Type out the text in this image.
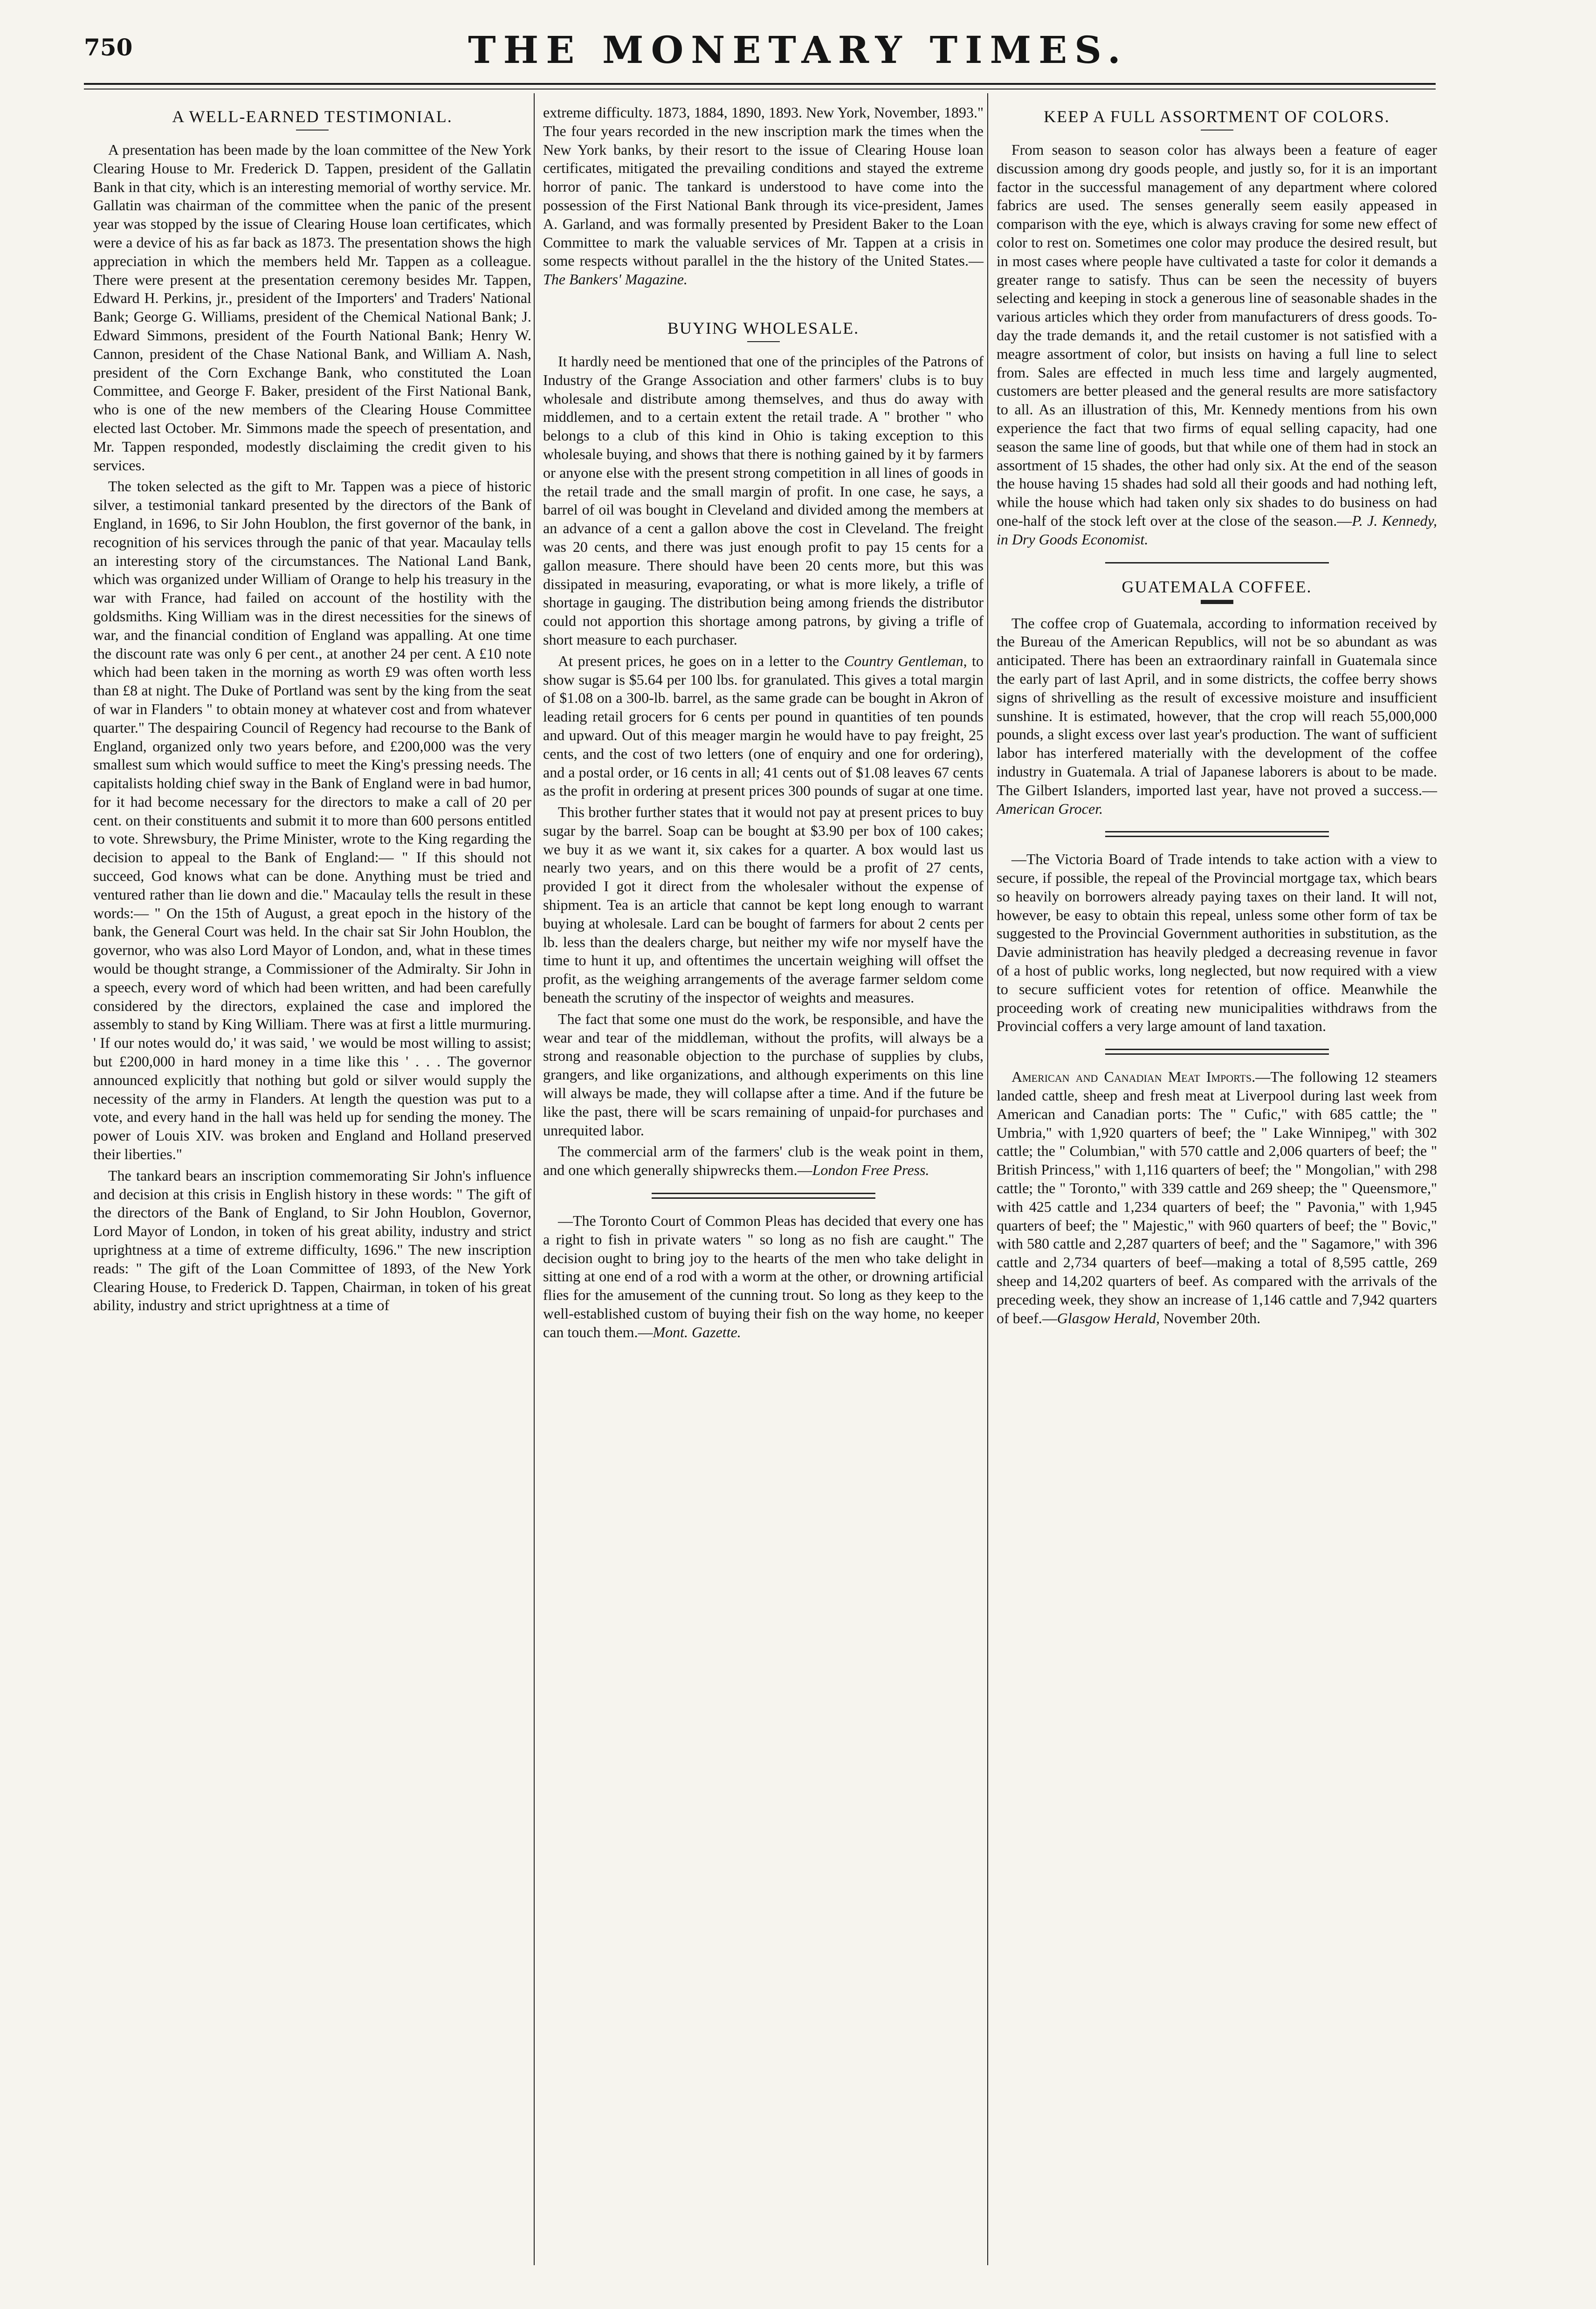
750	THE MONETARY TIMES.
A WELL-EARNED TESTIMONIAL.

A presentation has been made by the loan committee of the New York Clearing House to Mr. Frederick D. Tappen, president of the Gallatin Bank in that city, which is an interesting memorial of worthy service. Mr. Gallatin was chairman of the committee when the panic of the present year was stopped by the issue of Clearing House loan certificates, which were a device of his as far back as 1873. The presentation shows the high appreciation in which the members held Mr. Tappen as a colleague. There were present at the presentation ceremony besides Mr. Tappen, Edward H. Perkins, jr., president of the Importers' and Traders' National Bank; George G. Williams, president of the Chemical National Bank; J. Edward Simmons, president of the Fourth National Bank; Henry W. Cannon, president of the Chase National Bank, and William A. Nash, president of the Corn Exchange Bank, who constituted the Loan Committee, and George F. Baker, president of the First National Bank, who is one of the new members of the Clearing House Committee elected last October. Mr. Simmons made the speech of presentation, and Mr. Tappen responded, modestly disclaiming the credit given to his services.

The token selected as the gift to Mr. Tappen was a piece of historic silver, a testimonial tankard presented by the directors of the Bank of England, in 1696, to Sir John Houblon, the first governor of the bank, in recognition of his services through the panic of that year. Macaulay tells an interesting story of the circumstances. The National Land Bank, which was organized under William of Orange to help his treasury in the war with France, had failed on account of the hostility with the goldsmiths. King William was in the direst necessities for the sinews of war, and the financial condition of England was appalling. At one time the discount rate was only 6 per cent., at another 24 per cent. A £10 note which had been taken in the morning as worth £9 was often worth less than £8 at night. The Duke of Portland was sent by the king from the seat of war in Flanders " to obtain money at whatever cost and from whatever quarter." The despairing Council of Regency had recourse to the Bank of England, organized only two years before, and £200,000 was the very smallest sum which would suffice to meet the King's pressing needs. The capitalists holding chief sway in the Bank of England were in bad humor, for it had become necessary for the directors to make a call of 20 per cent. on their constituents and submit it to more than 600 persons entitled to vote. Shrewsbury, the Prime Minister, wrote to the King regarding the decision to appeal to the Bank of England:— " If this should not succeed, God knows what can be done. Anything must be tried and ventured rather than lie down and die." Macaulay tells the result in these words:— " On the 15th of August, a great epoch in the history of the bank, the General Court was held. In the chair sat Sir John Houblon, the governor, who was also Lord Mayor of London, and, what in these times would be thought strange, a Commissioner of the Admiralty. Sir John in a speech, every word of which had been written, and had been carefully considered by the directors, explained the case and implored the assembly to stand by King William. There was at first a little murmuring. ' If our notes would do,' it was said, ' we would be most willing to assist; but £200,000 in hard money in a time like this ' . . . The governor announced explicitly that nothing but gold or silver would supply the necessity of the army in Flanders. At length the question was put to a vote, and every hand in the hall was held up for sending the money. The power of Louis XIV. was broken and England and Holland preserved their liberties."

The tankard bears an inscription commemorating Sir John's influence and decision at this crisis in English history in these words: " The gift of the directors of the Bank of England, to Sir John Houblon, Governor, Lord Mayor of London, in token of his great ability, industry and strict uprightness at a time of extreme difficulty, 1696." The new inscription reads: " The gift of the Loan Committee of 1893, of the New York Clearing House, to Frederick D. Tappen, Chairman, in token of his great ability, industry and strict uprightness at a time of

extreme difficulty. 1873, 1884, 1890, 1893. New York, November, 1893." The four years recorded in the new inscription mark the times when the New York banks, by their resort to the issue of Clearing House loan certificates, mitigated the prevailing conditions and stayed the extreme horror of panic. The tankard is understood to have come into the possession of the First National Bank through its vice-president, James A. Garland, and was formally presented by President Baker to the Loan Committee to mark the valuable services of Mr. Tappen at a crisis in some respects without parallel in the the history of the United States.—The Bankers' Magazine.

BUYING WHOLESALE.

It hardly need be mentioned that one of the principles of the Patrons of Industry of the Grange Association and other farmers' clubs is to buy wholesale and distribute among themselves, and thus do away with middlemen, and to a certain extent the retail trade. A " brother " who belongs to a club of this kind in Ohio is taking exception to this wholesale buying, and shows that there is nothing gained by it by farmers or anyone else with the present strong competition in all lines of goods in the retail trade and the small margin of profit. In one case, he says, a barrel of oil was bought in Cleveland and divided among the members at an advance of a cent a gallon above the cost in Cleveland. The freight was 20 cents, and there was just enough profit to pay 15 cents for a gallon measure. There should have been 20 cents more, but this was dissipated in measuring, evaporating, or what is more likely, a trifle of shortage in gauging. The distribution being among friends the distributor could not apportion this shortage among patrons, by giving a trifle of short measure to each purchaser.

At present prices, he goes on in a letter to the Country Gentleman, to show sugar is $5.64 per 100 lbs. for granulated. This gives a total margin of $1.08 on a 300-lb. barrel, as the same grade can be bought in Akron of leading retail grocers for 6 cents per pound in quantities of ten pounds and upward. Out of this meager margin he would have to pay freight, 25 cents, and the cost of two letters (one of enquiry and one for ordering), and a postal order, or 16 cents in all; 41 cents out of $1.08 leaves 67 cents as the profit in ordering at present prices 300 pounds of sugar at one time.

This brother further states that it would not pay at present prices to buy sugar by the barrel. Soap can be bought at $3.90 per box of 100 cakes; we buy it as we want it, six cakes for a quarter. A box would last us nearly two years, and on this there would be a profit of 27 cents, provided I got it direct from the wholesaler without the expense of shipment. Tea is an article that cannot be kept long enough to warrant buying at wholesale. Lard can be bought of farmers for about 2 cents per lb. less than the dealers charge, but neither my wife nor myself have the time to hunt it up, and oftentimes the uncertain weighing will offset the profit, as the weighing arrangements of the average farmer seldom come beneath the scrutiny of the inspector of weights and measures.

The fact that some one must do the work, be responsible, and have the wear and tear of the middleman, without the profits, will always be a strong and reasonable objection to the purchase of supplies by clubs, grangers, and like organizations, and although experiments on this line will always be made, they will collapse after a time. And if the future be like the past, there will be scars remaining of unpaid-for purchases and unrequited labor.

The commercial arm of the farmers' club is the weak point in them, and one which generally shipwrecks them.—London Free Press.

—The Toronto Court of Common Pleas has decided that every one has a right to fish in private waters " so long as no fish are caught." The decision ought to bring joy to the hearts of the men who take delight in sitting at one end of a rod with a worm at the other, or drowning artificial flies for the amusement of the cunning trout. So long as they keep to the well-established custom of buying their fish on the way home, no keeper can touch them.—Mont. Gazette.

KEEP A FULL ASSORTMENT OF COLORS.

From season to season color has always been a feature of eager discussion among dry goods people, and justly so, for it is an important factor in the successful management of any department where colored fabrics are used. The senses generally seem easily appeased in comparison with the eye, which is always craving for some new effect of color to rest on. Sometimes one color may produce the desired result, but in most cases where people have cultivated a taste for color it demands a greater range to satisfy. Thus can be seen the necessity of buyers selecting and keeping in stock a generous line of seasonable shades in the various articles which they order from manufacturers of dress goods. To-day the trade demands it, and the retail customer is not satisfied with a meagre assortment of color, but insists on having a full line to select from. Sales are effected in much less time and largely augmented, customers are better pleased and the general results are more satisfactory to all. As an illustration of this, Mr. Kennedy mentions from his own experience the fact that two firms of equal selling capacity, had one season the same line of goods, but that while one of them had in stock an assortment of 15 shades, the other had only six. At the end of the season the house having 15 shades had sold all their goods and had nothing left, while the house which had taken only six shades to do business on had one-half of the stock left over at the close of the season.—P. J. Kennedy, in Dry Goods Economist.

GUATEMALA COFFEE.

The coffee crop of Guatemala, according to information received by the Bureau of the American Republics, will not be so abundant as was anticipated. There has been an extraordinary rainfall in Guatemala since the early part of last April, and in some districts, the coffee berry shows signs of shrivelling as the result of excessive moisture and insufficient sunshine. It is estimated, however, that the crop will reach 55,000,000 pounds, a slight excess over last year's production. The want of sufficient labor has interfered materially with the development of the coffee industry in Guatemala. A trial of Japanese laborers is about to be made. The Gilbert Islanders, imported last year, have not proved a success.—American Grocer.

—The Victoria Board of Trade intends to take action with a view to secure, if possible, the repeal of the Provincial mortgage tax, which bears so heavily on borrowers already paying taxes on their land. It will not, however, be easy to obtain this repeal, unless some other form of tax be suggested to the Provincial Government authorities in substitution, as the Davie administration has heavily pledged a decreasing revenue in favor of a host of public works, long neglected, but now required with a view to secure sufficient votes for retention of office. Meanwhile the proceeding work of creating new municipalities withdraws from the Provincial coffers a very large amount of land taxation.

American and Canadian Meat Imports.—The following 12 steamers landed cattle, sheep and fresh meat at Liverpool during last week from American and Canadian ports: The " Cufic," with 685 cattle; the " Umbria," with 1,920 quarters of beef; the " Lake Winnipeg," with 302 cattle; the " Columbian," with 570 cattle and 2,006 quarters of beef; the " British Princess," with 1,116 quarters of beef; the " Mongolian," with 298 cattle; the " Toronto," with 339 cattle and 269 sheep; the " Queensmore," with 425 cattle and 1,234 quarters of beef; the " Pavonia," with 1,945 quarters of beef; the " Majestic," with 960 quarters of beef; the " Bovic," with 580 cattle and 2,287 quarters of beef; and the " Sagamore," with 396 cattle and 2,734 quarters of beef—making a total of 8,595 cattle, 269 sheep and 14,202 quarters of beef. As compared with the arrivals of the preceding week, they show an increase of 1,146 cattle and 7,942 quarters of beef.—Glasgow Herald, November 20th.
